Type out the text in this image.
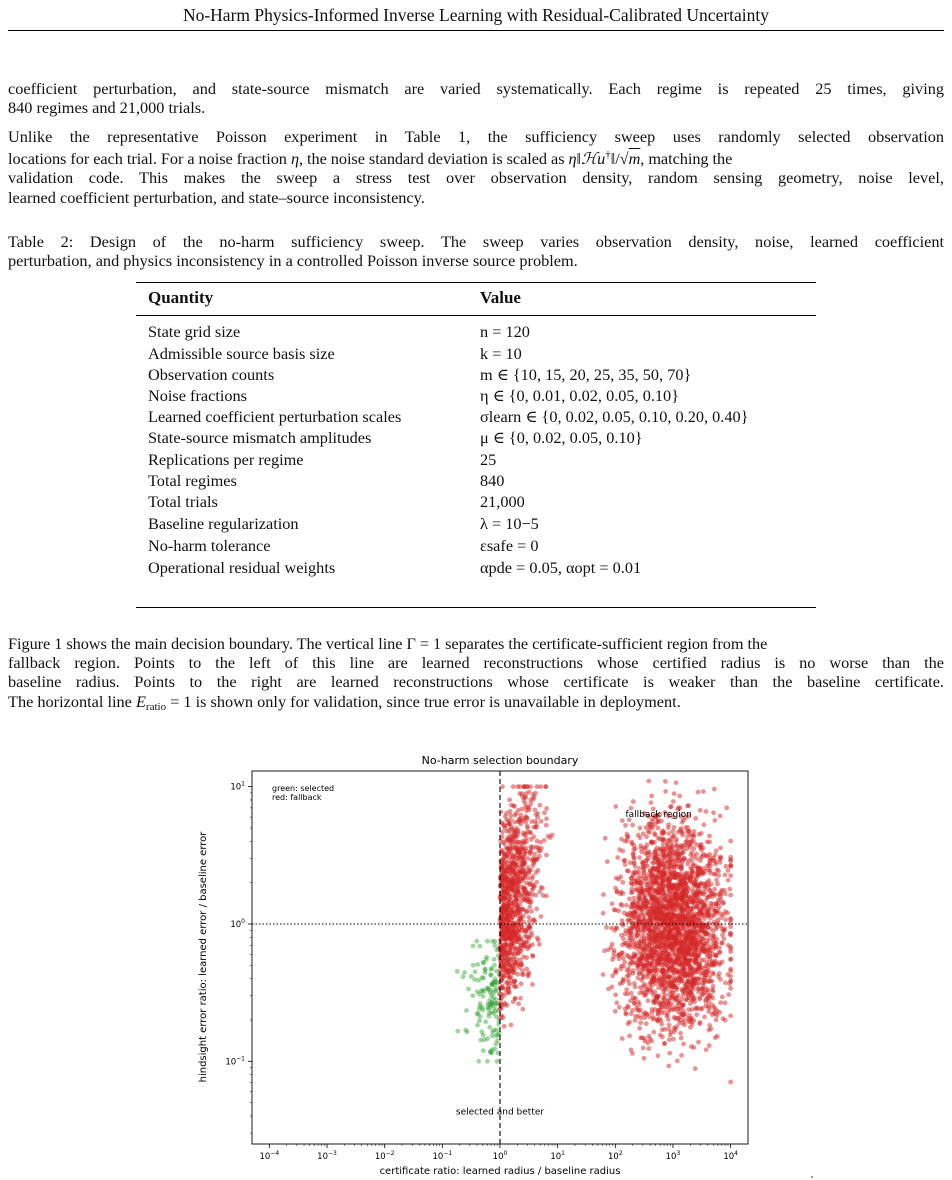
No-Harm Physics-Informed Inverse Learning with Residual-Calibrated Uncertainty
coefficient perturbation, and state-source mismatch are varied systematically. Each regime is repeated 25 times, giving
840 regimes and 21,000 trials.
Unlike the representative Poisson experiment in Table 1, the sufficiency sweep uses randomly selected observation
locations for each trial. For a noise fraction η, the noise standard deviation is scaled as η‖ℋu†‖/√m, matching the
validation code. This makes the sweep a stress test over observation density, random sensing geometry, noise level,
learned coefficient perturbation, and state–source inconsistency.
Table 2: Design of the no-harm sufficiency sweep. The sweep varies observation density, noise, learned coefficient
perturbation, and physics inconsistency in a controlled Poisson inverse source problem.
Quantity	Value
State grid size	n = 120
Admissible source basis size	k = 10
Observation counts	m ∈ {10, 15, 20, 25, 35, 50, 70}
Noise fractions	η ∈ {0, 0.01, 0.02, 0.05, 0.10}
Learned coefficient perturbation scales	σlearn ∈ {0, 0.02, 0.05, 0.10, 0.20, 0.40}
State-source mismatch amplitudes	μ ∈ {0, 0.02, 0.05, 0.10}
Replications per regime	25
Total regimes	840
Total trials	21,000
Baseline regularization	λ = 10−5
No-harm tolerance	εsafe = 0
Operational residual weights	αpde = 0.05, αopt = 0.01
Figure 1 shows the main decision boundary. The vertical line Γ = 1 separates the certificate-sufficient region from the
fallback region. Points to the left of this line are learned reconstructions whose certified radius is no worse than the
baseline radius. Points to the right are learned reconstructions whose certificate is weaker than the baseline certificate.
The horizontal line Eratio = 1 is shown only for validation, since true error is unavailable in deployment.
No-harm selection boundary
$10^{-4}$	$10^{-3}$	$10^{-2}$	$10^{-1}$	$10^0$	$10^1$	$10^2$	$10^3$	$10^4$
$10^{-1}$
$10^0$
$10^1$
certificate ratio: learned radius / baseline radius
hindsight error ratio: learned error / baseline error
green: selected
red: fallback
fallback region
selected and better
